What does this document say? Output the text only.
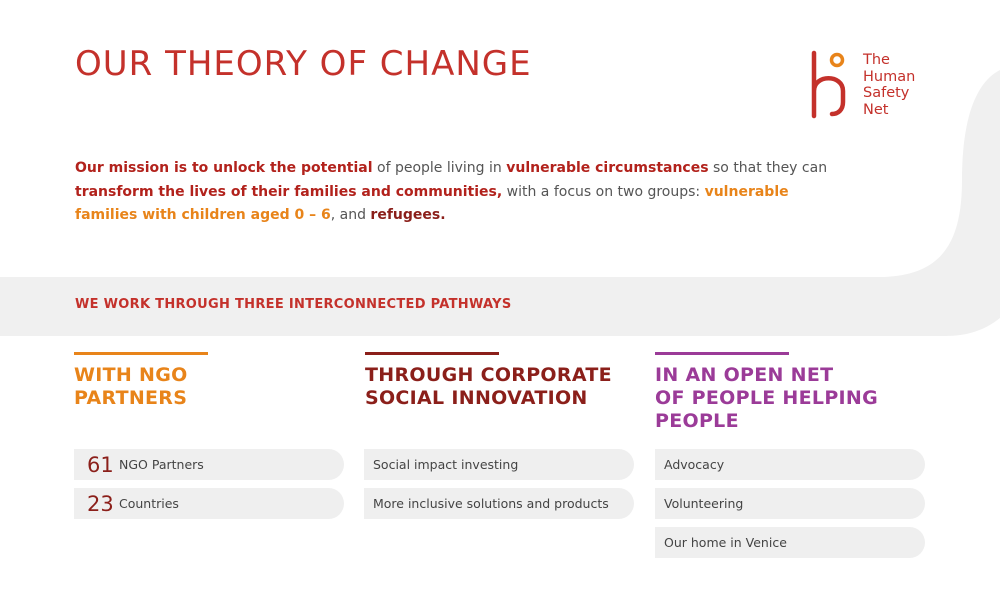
OUR THEORY OF CHANGE	The
Human
Safety
Net

Our mission is to unlock the potential of people living in vulnerable circumstances so that they can transform the lives of their families and communities, with a focus on two groups: vulnerable families with children aged 0 – 6, and refugees.

WE WORK THROUGH THREE INTERCONNECTED PATHWAYS
WITH NGO
PARTNERS
THROUGH CORPORATE
SOCIAL INNOVATION
IN AN OPEN NET
OF PEOPLE HELPING
PEOPLE
61 NGO Partners
23 Countries
Social impact investing
More inclusive solutions and products
Advocacy
Volunteering
Our home in Venice
